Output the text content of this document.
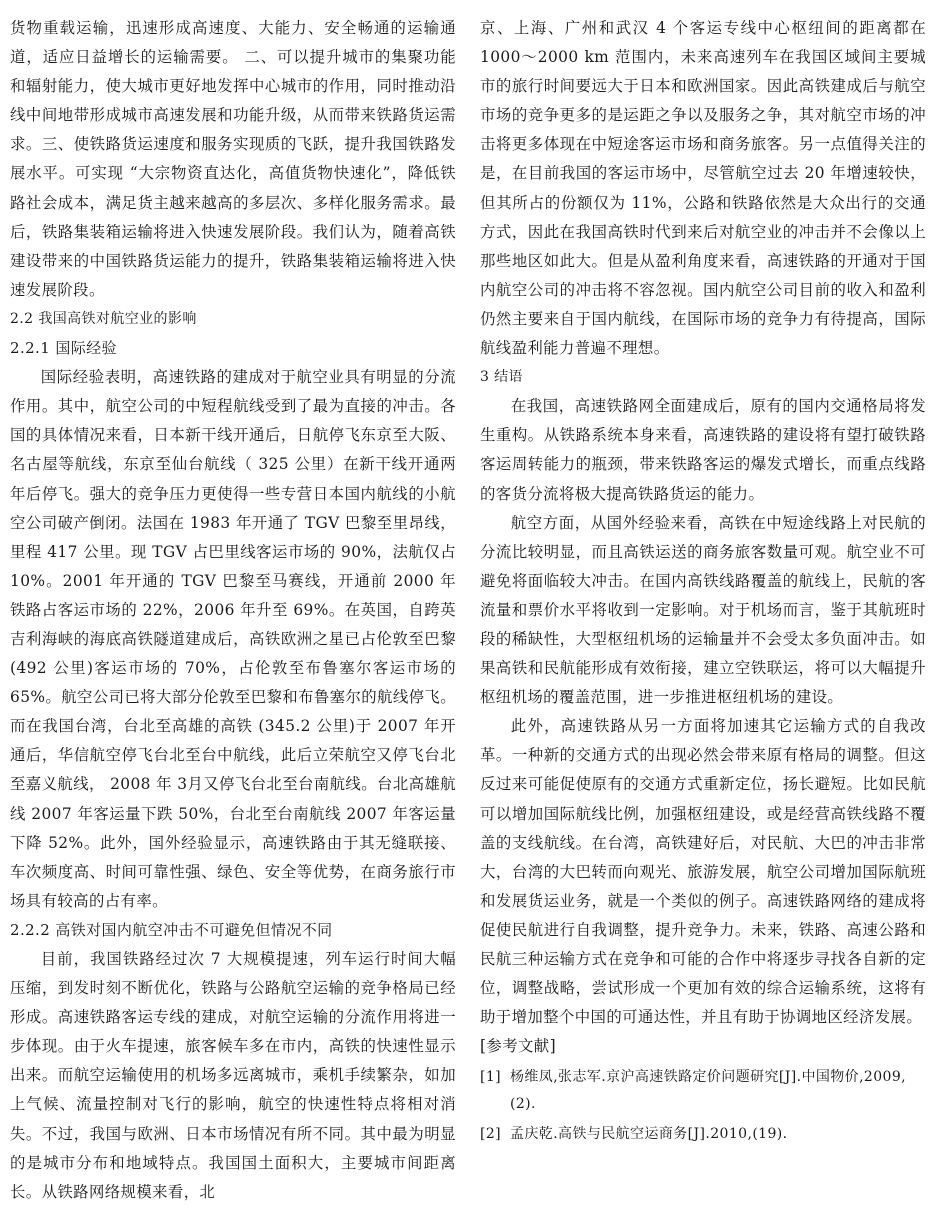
货物重载运输，迅速形成高速度、大能力、安全畅通的运输通道，适应日益增长的运输需要。 二、可以提升城市的集聚功能和辐射能力，使大城市更好地发挥中心城市的作用，同时推动沿线中间地带形成城市高速发展和功能升级，从而带来铁路货运需求。三、使铁路货运速度和服务实现质的飞跃，提升我国铁路发展水平。可实现 “大宗物资直达化，高值货物快速化”，降低铁路社会成本，满足货主越来越高的多层次、多样化服务需求。最后，铁路集装箱运输将进入快速发展阶段。我们认为，随着高铁建设带来的中国铁路货运能力的提升，铁路集装箱运输将进入快速发展阶段。

2.2 我国高铁对航空业的影响

2.2.1 国际经验

国际经验表明，高速铁路的建成对于航空业具有明显的分流作用。其中，航空公司的中短程航线受到了最为直接的冲击。各国的具体情况来看，日本新干线开通后，日航停飞东京至大阪、名古屋等航线，东京至仙台航线（ 325 公里）在新干线开通两年后停飞。强大的竞争压力更使得一些专营日本国内航线的小航空公司破产倒闭。法国在 1983 年开通了 TGV 巴黎至里昂线，里程 417 公里。现 TGV 占巴里线客运市场的 90%，法航仅占 10%。2001 年开通的 TGV 巴黎至马赛线，开通前 2000 年铁路占客运市场的 22%，2006 年升至 69%。在英国，自跨英吉利海峡的海底高铁隧道建成后，高铁欧洲之星已占伦敦至巴黎 (492 公里)客运市场的 70%，占伦敦至布鲁塞尔客运市场的 65%。航空公司已将大部分伦敦至巴黎和布鲁塞尔的航线停飞。而在我国台湾，台北至高雄的高铁 (345.2 公里)于 2007 年开通后，华信航空停飞台北至台中航线，此后立荣航空又停飞台北至嘉义航线， 2008 年 3月又停飞台北至台南航线。台北高雄航线 2007 年客运量下跌 50%，台北至台南航线 2007 年客运量下降 52%。此外，国外经验显示，高速铁路由于其无缝联接、车次频度高、时间可靠性强、绿色、安全等优势，在商务旅行市场具有较高的占有率。

2.2.2 高铁对国内航空冲击不可避免但情况不同

目前，我国铁路经过次 7 大规模提速，列车运行时间大幅压缩，到发时刻不断优化，铁路与公路航空运输的竞争格局已经形成。高速铁路客运专线的建成，对航空运输的分流作用将进一步体现。由于火车提速，旅客候车多在市内，高铁的快速性显示出来。而航空运输使用的机场多远离城市，乘机手续繁杂，如加上气候、流量控制对飞行的影响，航空的快速性特点将相对消失。不过，我国与欧洲、日本市场情况有所不同。其中最为明显的是城市分布和地域特点。我国国土面积大，主要城市间距离长。从铁路网络规模来看，北

京、上海、广州和武汉 4 个客运专线中心枢纽间的距离都在 1000～2000 km 范围内，未来高速列车在我国区域间主要城市的旅行时间要远大于日本和欧洲国家。因此高铁建成后与航空市场的竞争更多的是运距之争以及服务之争，其对航空市场的冲击将更多体现在中短途客运市场和商务旅客。另一点值得关注的是，在目前我国的客运市场中，尽管航空过去 20 年增速较快，但其所占的份额仅为 11%，公路和铁路依然是大众出行的交通方式，因此在我国高铁时代到来后对航空业的冲击并不会像以上那些地区如此大。但是从盈利角度来看，高速铁路的开通对于国内航空公司的冲击将不容忽视。国内航空公司目前的收入和盈利仍然主要来自于国内航线，在国际市场的竞争力有待提高，国际航线盈利能力普遍不理想。

3 结语

在我国，高速铁路网全面建成后，原有的国内交通格局将发生重构。从铁路系统本身来看，高速铁路的建设将有望打破铁路客运周转能力的瓶颈，带来铁路客运的爆发式增长，而重点线路的客货分流将极大提高铁路货运的能力。

航空方面，从国外经验来看，高铁在中短途线路上对民航的分流比较明显，而且高铁运送的商务旅客数量可观。航空业不可避免将面临较大冲击。在国内高铁线路覆盖的航线上，民航的客流量和票价水平将收到一定影响。对于机场而言，鉴于其航班时段的稀缺性，大型枢纽机场的运输量并不会受太多负面冲击。如果高铁和民航能形成有效衔接，建立空铁联运，将可以大幅提升枢纽机场的覆盖范围，进一步推进枢纽机场的建设。

此外，高速铁路从另一方面将加速其它运输方式的自我改革。一种新的交通方式的出现必然会带来原有格局的调整。但这反过来可能促使原有的交通方式重新定位，扬长避短。比如民航可以增加国际航线比例，加强枢纽建设，或是经营高铁线路不覆盖的支线航线。在台湾，高铁建好后，对民航、大巴的冲击非常大，台湾的大巴转而向观光、旅游发展，航空公司增加国际航班和发展货运业务，就是一个类似的例子。高速铁路网络的建成将促使民航进行自我调整，提升竞争力。未来，铁路、高速公路和民航三种运输方式在竞争和可能的合作中将逐步寻找各自新的定位，调整战略，尝试形成一个更加有效的综合运输系统，这将有助于增加整个中国的可通达性，并且有助于协调地区经济发展。

[参考文献]

[1] 杨维凤,张志军.京沪高速铁路定价问题研究[J].中国物价,2009,(2).
[2] 孟庆乾.高铁与民航空运商务[J].2010,(19).
